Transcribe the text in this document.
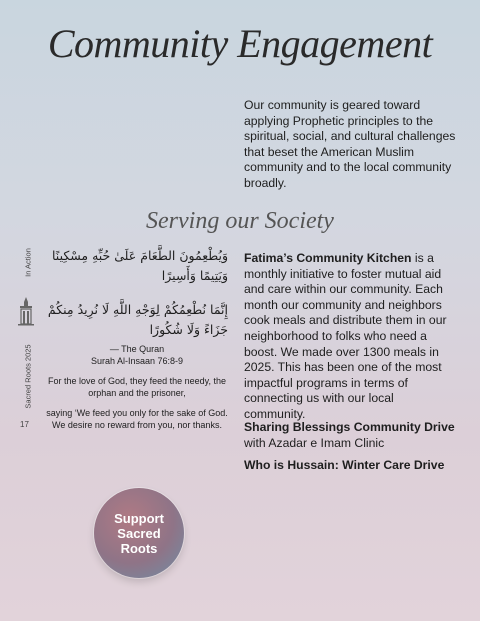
Community Engagement

Our community is geared toward applying Prophetic principles to the spiritual, social, and cultural challenges that beset the American Muslim community and to the local community broadly.

Serving our Society
In Action
Sacred Roots 2025
17

وَيُطْعِمُونَ الطَّعَامَ عَلَىٰ حُبِّهِ مِسْكِينًا وَيَتِيمًا وَأَسِيرًا

إِنَّمَا نُطْعِمُكُمْ لِوَجْهِ اللَّهِ لَا نُرِيدُ مِنكُمْ جَزَاءً وَلَا شُكُورًا

— The Quran
Surah Al-Insaan 76:8-9

For the love of God, they feed the needy, the orphan and the prisoner,

saying ‘We feed you only for the sake of God. We desire no reward from you, nor thanks.

Fatima’s Community Kitchen is a monthly initiative to foster mutual aid and care within our community. Each month our community and neighbors cook meals and distribute them in our neighborhood to folks who need a boost. We made over 1300 meals in 2025. This has been one of the most impactful programs in terms of connecting us with our local community.

Sharing Blessings Community Drive
with Azadar e Imam Clinic

Who is Hussain: Winter Care Drive

Support
Sacred
Roots
